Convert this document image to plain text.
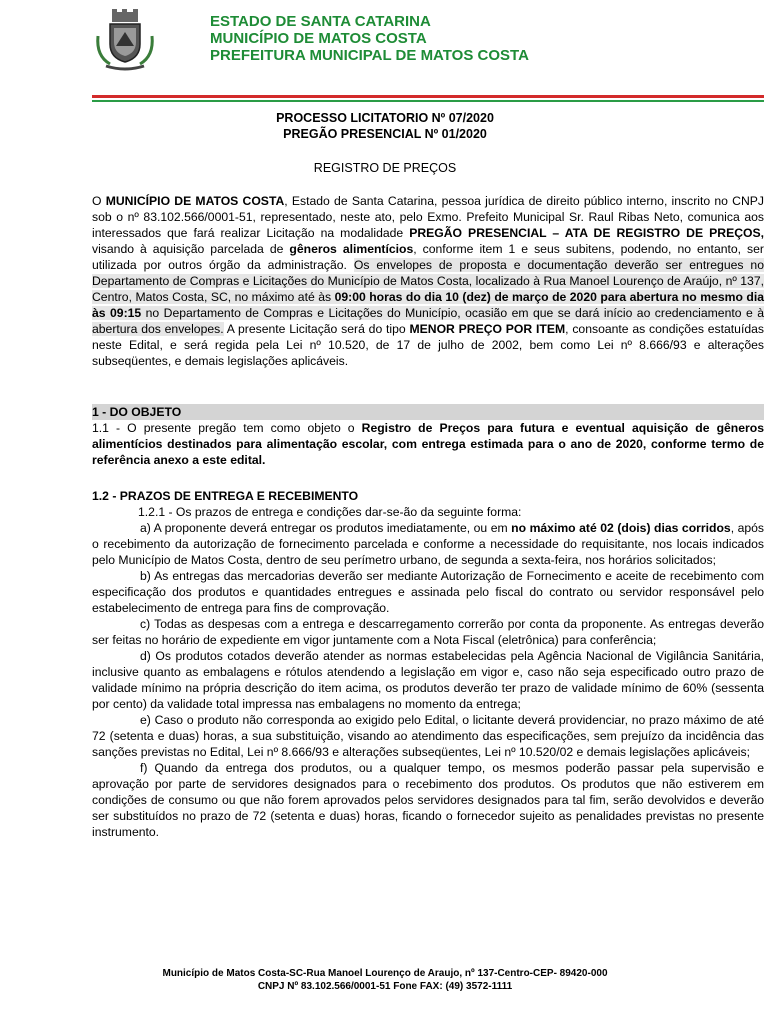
ESTADO DE SANTA CATARINA
MUNICÍPIO DE MATOS COSTA
PREFEITURA MUNICIPAL DE MATOS COSTA
PROCESSO LICITATORIO Nº 07/2020
PREGÃO PRESENCIAL Nº 01/2020
REGISTRO DE PREÇOS

O MUNICÍPIO DE MATOS COSTA, Estado de Santa Catarina, pessoa jurídica de direito público interno, inscrito no CNPJ sob o nº 83.102.566/0001-51, representado, neste ato, pelo Exmo. Prefeito Municipal Sr. Raul Ribas Neto, comunica aos interessados que fará realizar Licitação na modalidade PREGÃO PRESENCIAL – ATA DE REGISTRO DE PREÇOS, visando à aquisição parcelada de gêneros alimentícios, conforme item 1 e seus subitens, podendo, no entanto, ser utilizada por outros órgão da administração. Os envelopes de proposta e documentação deverão ser entregues no Departamento de Compras e Licitações do Município de Matos Costa, localizado à Rua Manoel Lourenço de Araújo, nº 137, Centro, Matos Costa, SC, no máximo até às 09:00 horas do dia 10 (dez) de março de 2020 para abertura no mesmo dia às 09:15 no Departamento de Compras e Licitações do Município, ocasião em que se dará início ao credenciamento e à abertura dos envelopes. A presente Licitação será do tipo MENOR PREÇO POR ITEM, consoante as condições estatuídas neste Edital, e será regida pela Lei nº 10.520, de 17 de julho de 2002, bem como Lei nº 8.666/93 e alterações subseqüentes, e demais legislações aplicáveis.

1 - DO OBJETO

1.1 - O presente pregão tem como objeto o Registro de Preços para futura e eventual aquisição de gêneros alimentícios destinados para alimentação escolar, com entrega estimada para o ano de 2020, conforme termo de referência anexo a este edital.

1.2 - PRAZOS DE ENTREGA E RECEBIMENTO

1.2.1 - Os prazos de entrega e condições dar-se-ão da seguinte forma:

a) A proponente deverá entregar os produtos imediatamente, ou em no máximo até 02 (dois) dias corridos, após o recebimento da autorização de fornecimento parcelada e conforme a necessidade do requisitante, nos locais indicados pelo Município de Matos Costa, dentro de seu perímetro urbano, de segunda a sexta-feira, nos horários solicitados;

b) As entregas das mercadorias deverão ser mediante Autorização de Fornecimento e aceite de recebimento com especificação dos produtos e quantidades entregues e assinada pelo fiscal do contrato ou servidor responsável pelo estabelecimento de entrega para fins de comprovação.

c) Todas as despesas com a entrega e descarregamento correrão por conta da proponente. As entregas deverão ser feitas no horário de expediente em vigor juntamente com a Nota Fiscal (eletrônica) para conferência;

d) Os produtos cotados deverão atender as normas estabelecidas pela Agência Nacional de Vigilância Sanitária, inclusive quanto as embalagens e rótulos atendendo a legislação em vigor e, caso não seja especificado outro prazo de validade mínimo na própria descrição do item acima, os produtos deverão ter prazo de validade mínimo de 60% (sessenta por cento) da validade total impressa nas embalagens no momento da entrega;

e) Caso o produto não corresponda ao exigido pelo Edital, o licitante deverá providenciar, no prazo máximo de até 72 (setenta e duas) horas, a sua substituição, visando ao atendimento das especificações, sem prejuízo da incidência das sanções previstas no Edital, Lei nº 8.666/93 e alterações subseqüentes, Lei nº 10.520/02 e demais legislações aplicáveis;

f) Quando da entrega dos produtos, ou a qualquer tempo, os mesmos poderão passar pela supervisão e aprovação por parte de servidores designados para o recebimento dos produtos. Os produtos que não estiverem em condições de consumo ou que não forem aprovados pelos servidores designados para tal fim, serão devolvidos e deverão ser substituídos no prazo de 72 (setenta e duas) horas, ficando o fornecedor sujeito as penalidades previstas no presente instrumento.

Município de Matos Costa-SC-Rua Manoel Lourenço de Araujo, nº 137-Centro-CEP- 89420-000
CNPJ Nº 83.102.566/0001-51 Fone FAX: (49) 3572-1111
